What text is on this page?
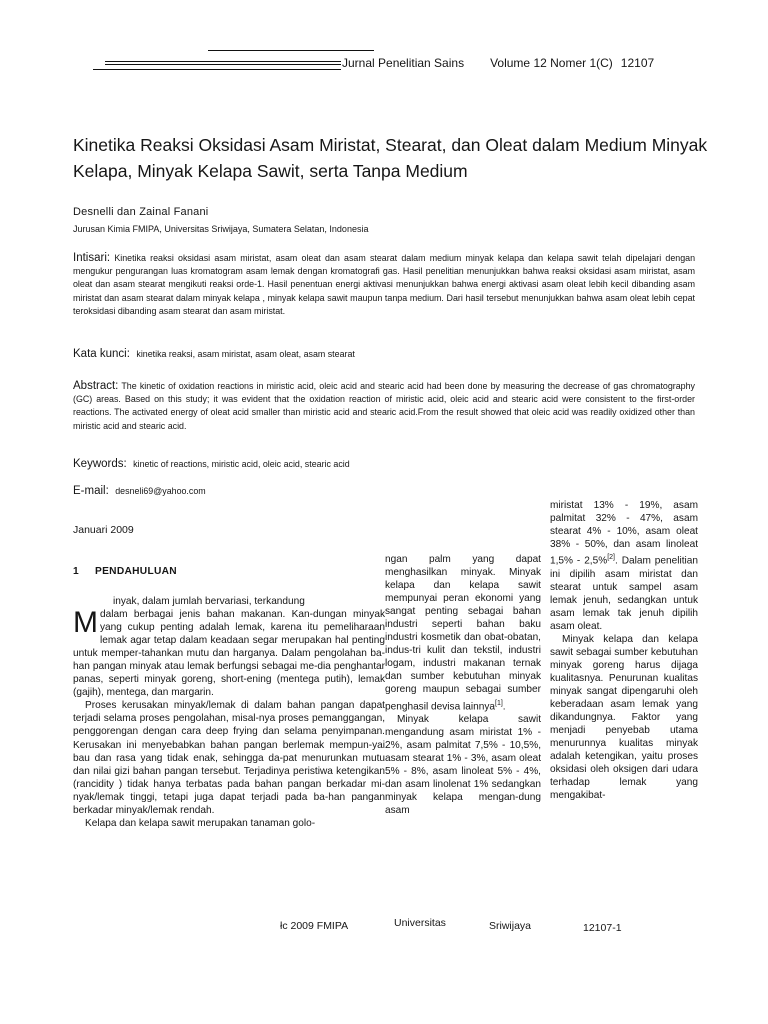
Jurnal Penelitian Sains Volume 12 Nomer 1(C) 12107
Kinetika Reaksi Oksidasi Asam Miristat, Stearat, dan Oleat dalam Medium Minyak Kelapa, Minyak Kelapa Sawit, serta Tanpa Medium
Desnelli dan Zainal Fanani
Jurusan Kimia FMIPA, Universitas Sriwijaya, Sumatera Selatan, Indonesia
Intisari: Kinetika reaksi oksidasi asam miristat, asam oleat dan asam stearat dalam medium minyak kelapa dan kelapa sawit telah dipelajari dengan mengukur pengurangan luas kromatogram asam lemak dengan kromatografi gas. Hasil penelitian menunjukkan bahwa reaksi oksidasi asam miristat, asam oleat dan asam stearat mengikuti reaksi orde-1. Hasil penentuan energi aktivasi menunjukkan bahwa energi aktivasi asam oleat lebih kecil dibanding asam miristat dan asam stearat dalam minyak kelapa , minyak kelapa sawit maupun tanpa medium. Dari hasil tersebut menunjukkan bahwa asam oleat lebih cepat teroksidasi dibanding asam stearat dan asam miristat.
Kata kunci: kinetika reaksi, asam miristat, asam oleat, asam stearat
Abstract: The kinetic of oxidation reactions in miristic acid, oleic acid and stearic acid had been done by measuring the decrease of gas chromatography (GC) areas. Based on this study; it was evident that the oxidation reaction of miristic acid, oleic acid and stearic acid were consistent to the first-order reactions. The activated energy of oleat acid smaller than miristic acid and stearic acid.From the result showed that oleic acid was readily oxidized other than miristic acid and stearic acid.
Keywords: kinetic of reactions, miristic acid, oleic acid, stearic acid
E-mail: desneli69@yahoo.com
Januari 2009
1 PENDAHULUAN

inyak, dalam jumlah bervariasi, terkandung

Mdalam berbagai jenis bahan makanan. Kan-dungan minyak yang cukup penting adalah lemak, karena itu pemeliharaan lemak agar tetap dalam keadaan segar merupakan hal penting untuk memper-tahankan mutu dan harganya. Dalam pengolahan ba-han pangan minyak atau lemak berfungsi sebagai me-dia penghantar panas, seperti minyak goreng, short-ening (mentega putih), lemak (gajih), mentega, dan margarin.

Proses kerusakan minyak/lemak di dalam bahan pangan dapat terjadi selama proses pengolahan, misal-nya proses pemanggangan, penggorengan dengan cara deep frying dan selama penyimpanan. Kerusakan ini menyebabkan bahan pangan berlemak mempun-yai bau dan rasa yang tidak enak, sehingga da-pat menurunkan mutu dan nilai gizi bahan pangan tersebut. Terjadinya peristiwa ketengikan (rancidity ) tidak hanya terbatas pada bahan pangan berkadar mi-nyak/lemak tinggi, tetapi juga dapat terjadi pada ba-han pangan berkadar minyak/lemak rendah.

Kelapa dan kelapa sawit merupakan tanaman golo-

ngan palm yang dapat menghasilkan minyak. Minyak kelapa dan kelapa sawit mempunyai peran ekonomi yang sangat penting sebagai bahan industri seperti bahan baku industri kosmetik dan obat-obatan, indus-tri kulit dan tekstil, industri logam, industri makanan ternak dan sumber kebutuhan minyak goreng maupun sebagai sumber penghasil devisa lainnya[1].

Minyak kelapa sawit mengandung asam miristat 1% - 2%, asam palmitat 7,5% - 10,5%, asam stearat 1% - 3%, asam oleat 5% - 8%, asam linoleat 5% - 4%, dan asam linolenat 1% sedangkan minyak kelapa mengan-dung asam

miristat 13% - 19%, asam palmitat 32% - 47%, asam stearat 4% - 10%, asam oleat 38% - 50%, dan asam linoleat 1,5% - 2,5%[2]. Dalam penelitian ini dipilih asam miristat dan stearat untuk sampel asam lemak jenuh, sedangkan untuk asam lemak tak jenuh dipilih asam oleat.

Minyak kelapa dan kelapa sawit sebagai sumber kebutuhan minyak goreng harus dijaga kualitasnya. Penurunan kualitas minyak sangat dipengaruhi oleh keberadaan asam lemak yang dikandungnya. Faktor yang menjadi penyebab utama menurunnya kualitas minyak adalah ketengikan, yaitu proses oksidasi oleh oksigen dari udara terhadap lemak yang mengakibat-

łc 2009 FMIPA	Universitas	Sriwijaya	12107-1
